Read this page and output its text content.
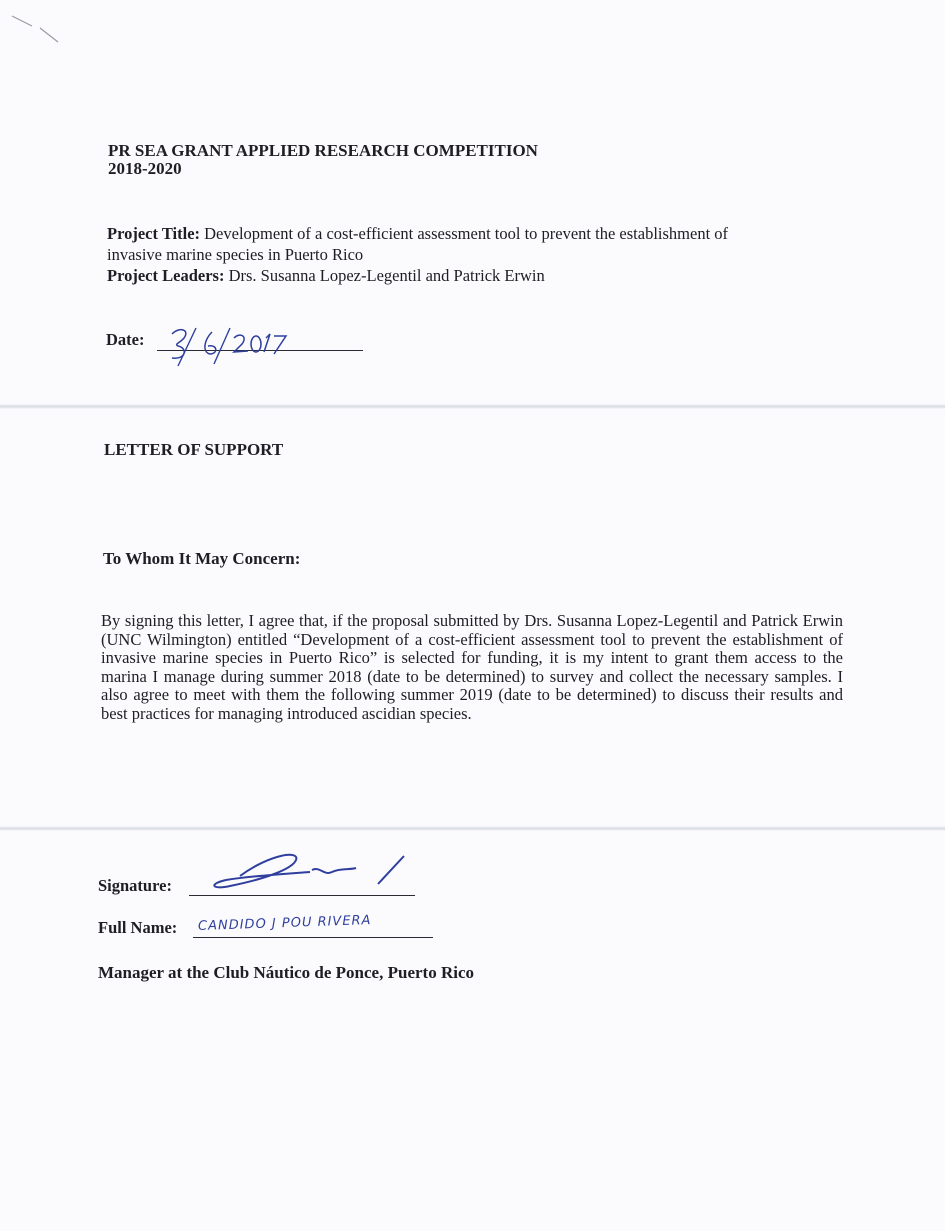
PR SEA GRANT APPLIED RESEARCH COMPETITION
2018-2020
Project Title: Development of a cost-efficient assessment tool to prevent the establishment of
invasive marine species in Puerto Rico
Project Leaders: Drs. Susanna Lopez-Legentil and Patrick Erwin
Date:
LETTER OF SUPPORT
To Whom It May Concern:
By signing this letter, I agree that, if the proposal submitted by Drs. Susanna Lopez-Legentil and Patrick Erwin (UNC Wilmington) entitled “Development of a cost-efficient assessment tool to prevent the establishment of invasive marine species in Puerto Rico” is selected for funding, it is my intent to grant them access to the marina I manage during summer 2018 (date to be determined) to survey and collect the necessary samples. I also agree to meet with them the following summer 2019 (date to be determined) to discuss their results and best practices for managing introduced ascidian species.
Signature:
Full Name: CANDIDO J POU RIVERA
Manager at the Club Náutico de Ponce, Puerto Rico
